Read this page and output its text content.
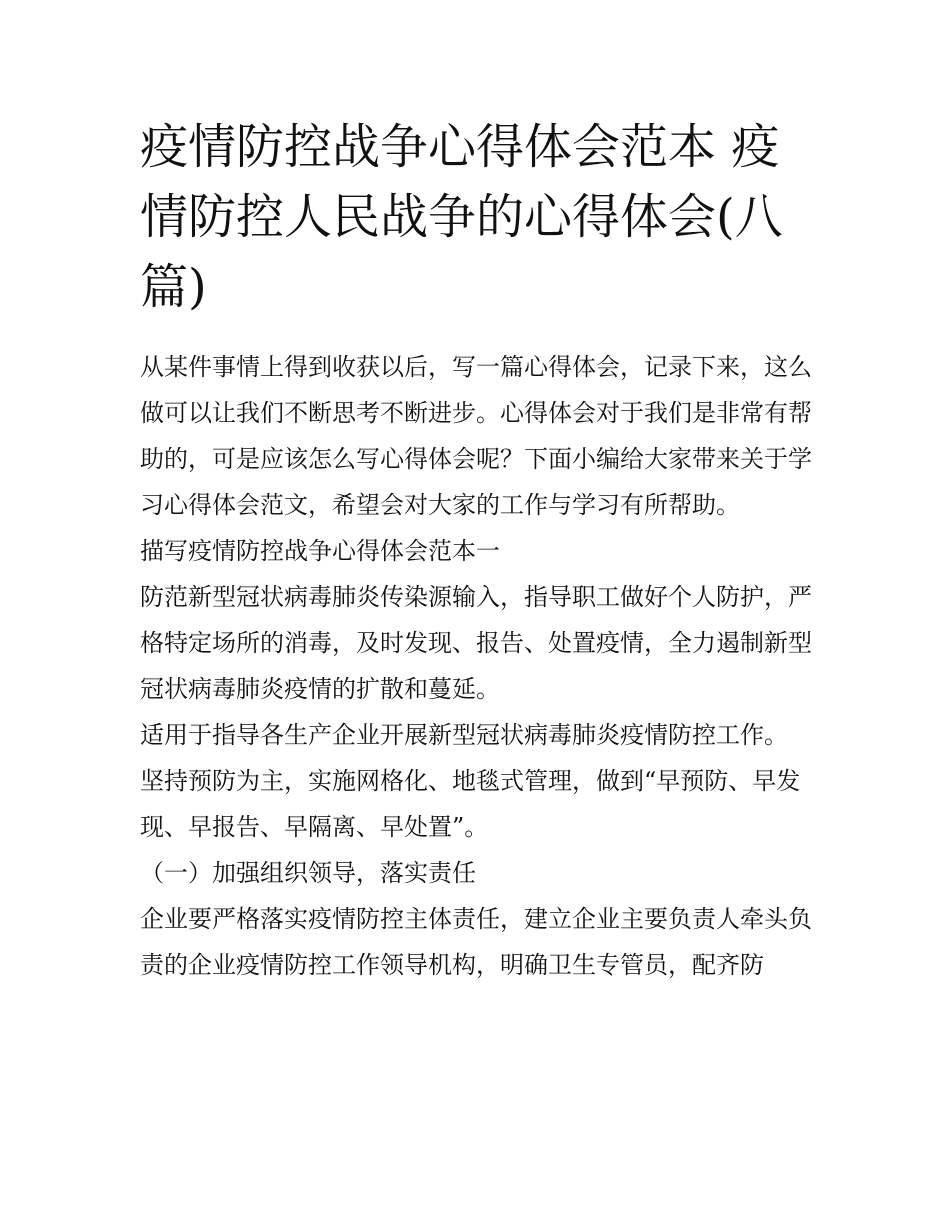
疫情防控战争心得体会范本 疫情防控人民战争的心得体会(八篇)

从某件事情上得到收获以后，写一篇心得体会，记录下来，这么做可以让我们不断思考不断进步。心得体会对于我们是非常有帮助的，可是应该怎么写心得体会呢？下面小编给大家带来关于学习心得体会范文，希望会对大家的工作与学习有所帮助。

描写疫情防控战争心得体会范本一

防范新型冠状病毒肺炎传染源输入，指导职工做好个人防护，严格特定场所的消毒，及时发现、报告、处置疫情，全力遏制新型冠状病毒肺炎疫情的扩散和蔓延。

适用于指导各生产企业开展新型冠状病毒肺炎疫情防控工作。

坚持预防为主，实施网格化、地毯式管理，做到“早预防、早发现、早报告、早隔离、早处置”。

（一）加强组织领导，落实责任

企业要严格落实疫情防控主体责任，建立企业主要负责人牵头负责的企业疫情防控工作领导机构，明确卫生专管员，配齐防
